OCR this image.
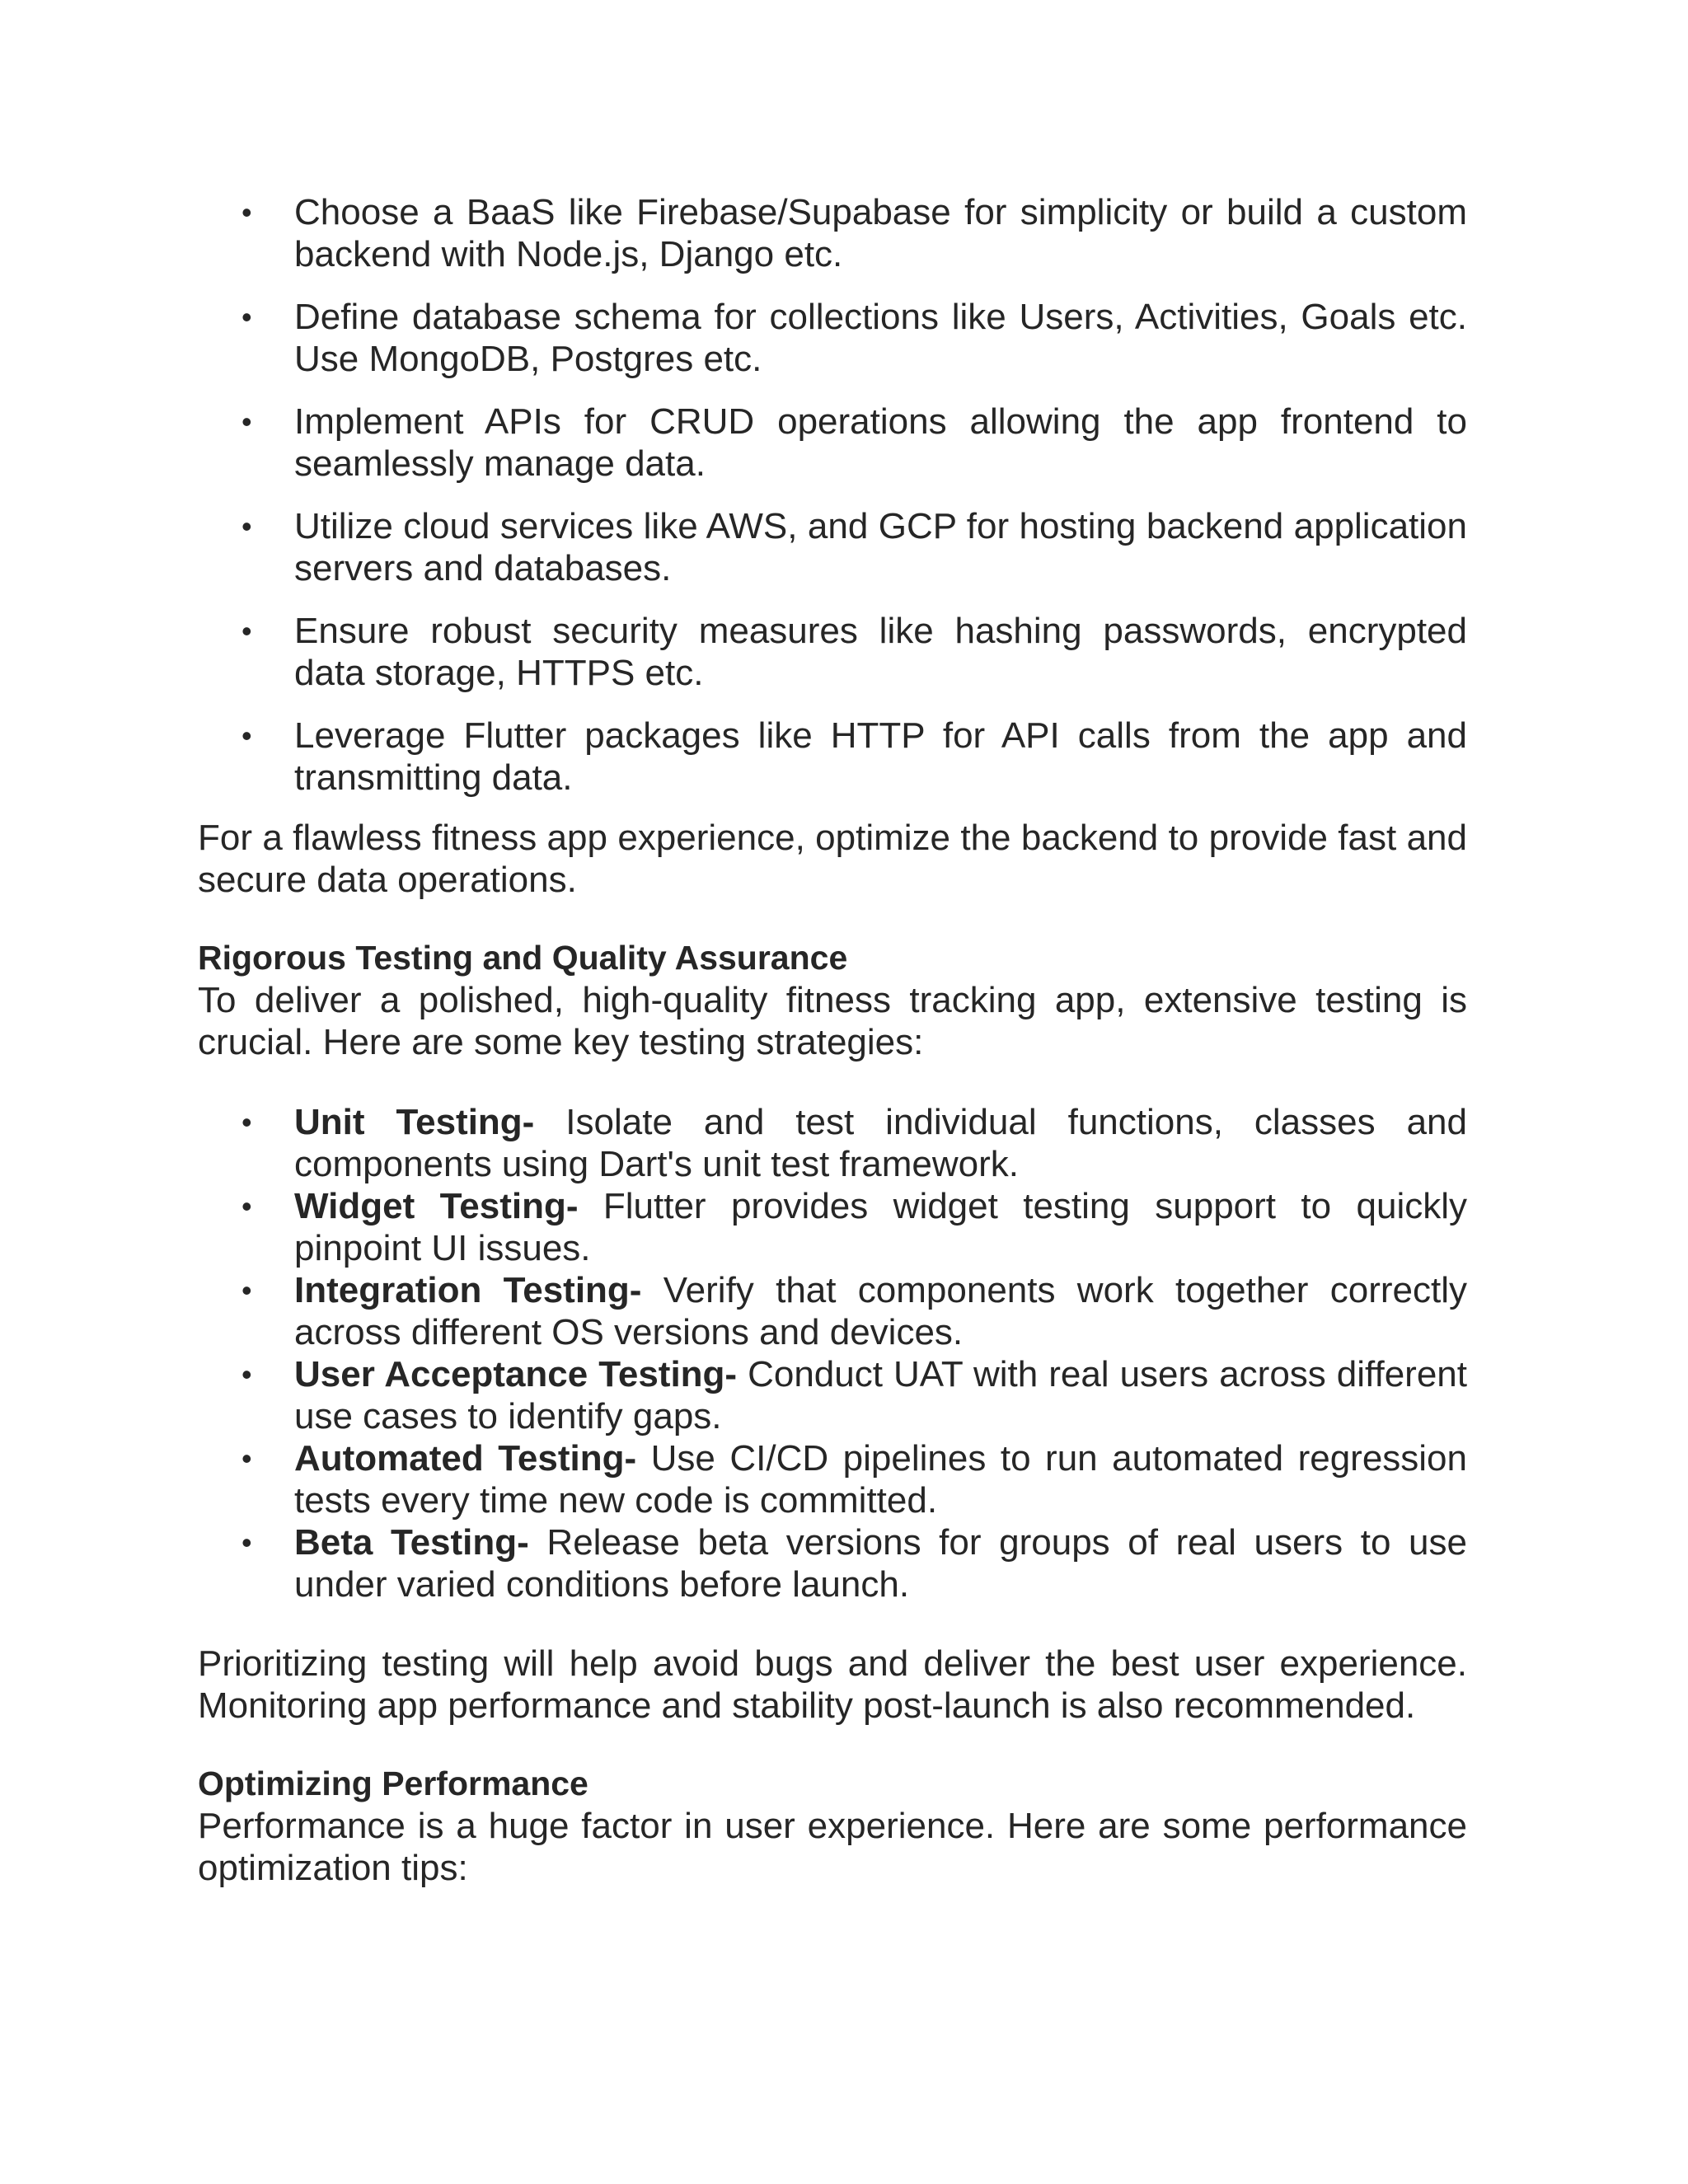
• Choose a BaaS like Firebase/Supabase for simplicity or build a custom backend with Node.js, Django etc.
• Define database schema for collections like Users, Activities, Goals etc. Use MongoDB, Postgres etc.
• Implement APIs for CRUD operations allowing the app frontend to seamlessly manage data.
• Utilize cloud services like AWS, and GCP for hosting backend application servers and databases.
• Ensure robust security measures like hashing passwords, encrypted data storage, HTTPS etc.
• Leverage Flutter packages like HTTP for API calls from the app and transmitting data.

For a flawless fitness app experience, optimize the backend to provide fast and secure data operations.

Rigorous Testing and Quality Assurance

To deliver a polished, high-quality fitness tracking app, extensive testing is crucial. Here are some key testing strategies:

• Unit Testing- Isolate and test individual functions, classes and components using Dart's unit test framework.
• Widget Testing- Flutter provides widget testing support to quickly pinpoint UI issues.
• Integration Testing- Verify that components work together correctly across different OS versions and devices.
• User Acceptance Testing- Conduct UAT with real users across different use cases to identify gaps.
• Automated Testing- Use CI/CD pipelines to run automated regression tests every time new code is committed.
• Beta Testing- Release beta versions for groups of real users to use under varied conditions before launch.

Prioritizing testing will help avoid bugs and deliver the best user experience. Monitoring app performance and stability post-launch is also recommended.

Optimizing Performance

Performance is a huge factor in user experience. Here are some performance optimization tips:
